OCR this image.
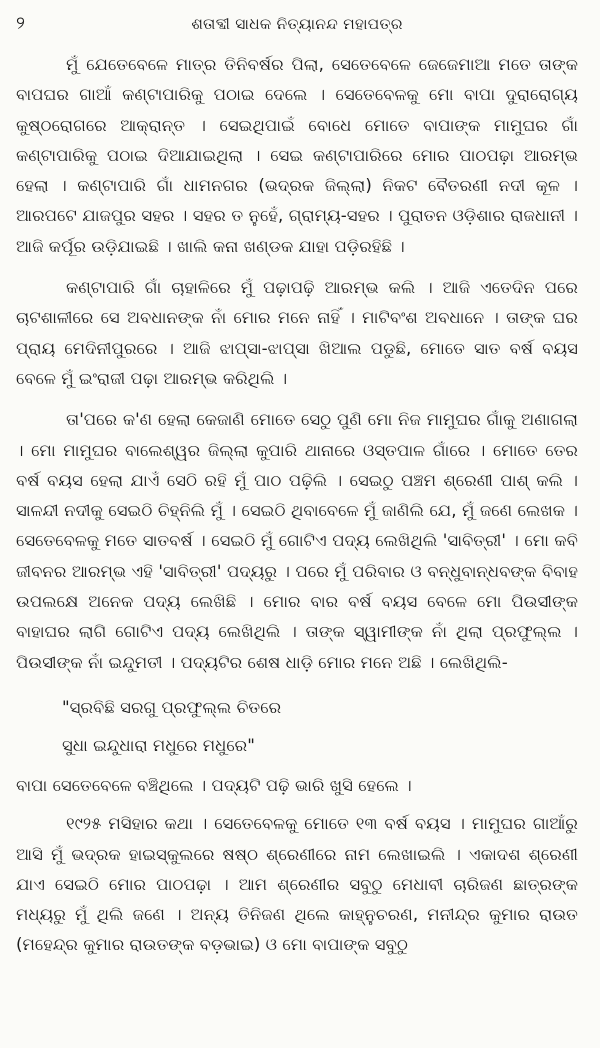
୨	ଶତାବ୍ଦୀ ସାଧକ ନିତ୍ୟାନନ୍ଦ ମହାପତ୍ର

ମୁଁ ଯେତେବେଳେ ମାତ୍ର ତିନିବର୍ଷର ପିଲା, ସେତେବେଳେ ଜେଜେମାଆ ମତେ ତାଙ୍କ ବାପଘର ଗାଆଁ କଣ୍ଟାପାରିକୁ ପଠାଇ ଦେଲେ । ସେତେବେଳକୁ ମୋ ବାପା ଦୁରାରୋଗ୍ୟ କୁଷ୍ଠରୋଗରେ ଆକ୍ରାନ୍ତ । ସେଇଥିପାଇଁ ବୋଧେ ମୋତେ ବାପାଙ୍କ ମାମୁଘର ଗାଁ କଣ୍ଟାପାରିକୁ ପଠାଇ ଦିଆଯାଇଥିଲା । ସେଇ କଣ୍ଟାପାରିରେ ମୋର ପାଠପଢ଼ା ଆରମ୍ଭ ହେଲା । କଣ୍ଟାପାରି ଗାଁ ଧାମନଗର (ଭଦ୍ରକ ଜିଲ୍ଲା) ନିକଟ ବୈତରଣୀ ନଦୀ କୂଳ । ଆରପଟେ ଯାଜପୁର ସହର । ସହର ତ ନୁହେଁ, ଗ୍ରାମ୍ୟ-ସହର । ପୁରାତନ ଓଡ଼ିଶାର ରାଜଧାନୀ । ଆଜି କର୍ପୂର ଉଡ଼ିଯାଇଛି । ଖାଲି କନା ଖଣ୍ଡକ ଯାହା ପଡ଼ିରହିଛି ।

କଣ୍ଟାପାରି ଗାଁ ଚାହାଳିରେ ମୁଁ ପଢ଼ାପଢ଼ି ଆରମ୍ଭ କଲି । ଆଜି ଏତେଦିନ ପରେ ଚାଟଶାଳୀରେ ସେ ଅବଧାନଙ୍କ ନାଁ ମୋର ମନେ ନାହିଁ । ମାଟିବଂଶ ଅବଧାନେ । ତାଙ୍କ ଘର ପ୍ରାୟ ମେଦିନୀପୁରରେ । ଆଜି ଝାପ୍‌ସା-ଝାପ୍‌ସା ଖିଆଲ ପଡୁଛି, ମୋତେ ସାତ ବର୍ଷ ବୟସ ବେଳେ ମୁଁ ଇଂରାଜୀ ପଢ଼ା ଆରମ୍ଭ କରିଥିଲି ।

ତା'ପରେ କ'ଣ ହେଲା କେଜାଣି ମୋତେ ସେଠୁ ପୁଣି ମୋ ନିଜ ମାମୁଘର ଗାଁକୁ ଅଣାଗଲା । ମୋ ମାମୁଘର ବାଲେଶ୍ୱର ଜିଲ୍ଲା କୁପାରି ଥାନାରେ ଓସ୍ତପାଳ ଗାଁରେ । ମୋତେ ତେର ବର୍ଷ ବୟସ ହେଲା ଯାଏଁ ସେଠି ରହି ମୁଁ ପାଠ ପଢ଼ିଲି । ସେଇଠୁ ପଞ୍ଚମ ଶ୍ରେଣୀ ପାଶ୍ କଲି । ସାଳନ୍ଦୀ ନଦୀକୁ ସେଇଠି ଚିହ୍ନିଲି ମୁଁ । ସେଇଠି ଥିବାବେଳେ ମୁଁ ଜାଣିଲି ଯେ, ମୁଁ ଜଣେ ଲେଖକ । ସେତେବେଳକୁ ମତେ ସାତବର୍ଷ । ସେଇଠି ମୁଁ ଗୋଟିଏ ପଦ୍ୟ ଲେଖିଥିଲି 'ସାବିତ୍ରୀ' । ମୋ କବି ଜୀବନର ଆରମ୍ଭ ଏହି 'ସାବିତ୍ରୀ' ପଦ୍ୟରୁ । ପରେ ମୁଁ ପରିବାର ଓ ବନ୍ଧୁବାନ୍ଧବଙ୍କ ବିବାହ ଉପଲକ୍ଷେ ଅନେକ ପଦ୍ୟ ଲେଖିଛି । ମୋର ବାର ବର୍ଷ ବୟସ ବେଳେ ମୋ ପିଉସୀଙ୍କ ବାହାଘର ଲାଗି ଗୋଟିଏ ପଦ୍ୟ ଲେଖିଥିଲି । ତାଙ୍କ ସ୍ୱାମୀଙ୍କ ନାଁ ଥିଲା ପ୍ରଫୁଲ୍ଲ । ପିଉସୀଙ୍କ ନାଁ ଇନ୍ଦୁମତୀ । ପଦ୍ୟଟିର ଶେଷ ଧାଡ଼ି ମୋର ମନେ ଅଛି । ଲେଖିଥିଲି-

"ସ୍ରବିଛି ସରଗୁ ପ୍ରଫୁଲ୍ଲ ଚିତରେ
ସୁଧା ଇନ୍ଦୁଧାରା ମଧୁରେ ମଧୁରେ"

ବାପା ସେତେବେଳେ ବଞ୍ଚିଥିଲେ । ପଦ୍ୟଟି ପଢ଼ି ଭାରି ଖୁସି ହେଲେ ।

୧୯୨୫ ମସିହାର କଥା । ସେତେବେଳକୁ ମୋତେ ୧୩ ବର୍ଷ ବୟସ । ମାମୁଘର ଗାଆଁରୁ ଆସି ମୁଁ ଭଦ୍ରକ ହାଇସ୍କୁଲରେ ଷଷ୍ଠ ଶ୍ରେଣୀରେ ନାମ ଲେଖାଇଲି । ଏକାଦଶ ଶ୍ରେଣୀ ଯାଏ ସେଇଠି ମୋର ପାଠପଢ଼ା । ଆମ ଶ୍ରେଣୀର ସବୁଠୁ ମେଧାବୀ ଚାରିଜଣ ଛାତ୍ରଙ୍କ ମଧ୍ୟରୁ ମୁଁ ଥିଲି ଜଣେ । ଅନ୍ୟ ତିନିଜଣ ଥିଲେ କାହ୍ନୁଚରଣ, ମନୀନ୍ଦ୍ର କୁମାର ରାଉତ (ମହେନ୍ଦ୍ର କୁମାର ରାଉତଙ୍କ ବଡ଼ଭାଇ) ଓ ମୋ ବାପାଙ୍କ ସବୁଠୁ
